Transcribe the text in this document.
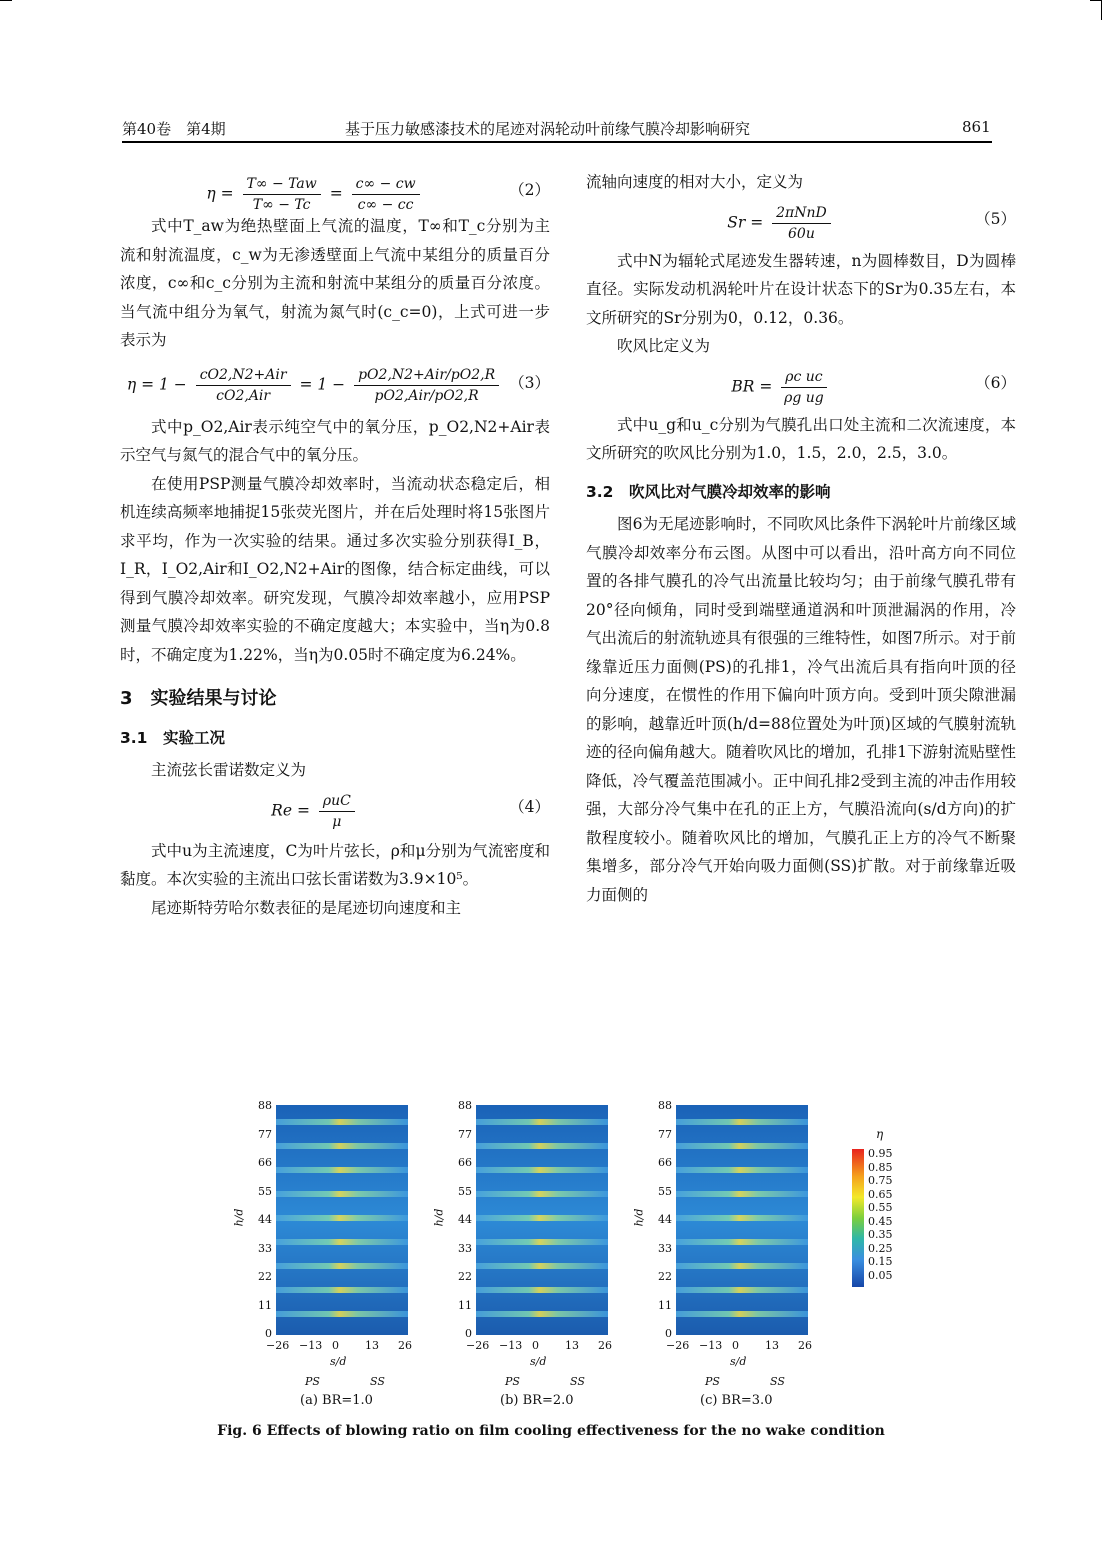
第40卷　第4期	基于压力敏感漆技术的尾迹对涡轮动叶前缘气膜冷却影响研究	861
$\eta = \frac{\text{T∞ − Taw}}{T\infty - Tc} = \frac{c\infty - cw}{c\infty - cc}$	（2）

式中T_aw为绝热壁面上气流的温度，T∞和T_c分别为主流和射流温度，c_w为无渗透壁面上气流中某组分的质量百分浓度，c∞和c_c分别为主流和射流中某组分的质量百分浓度。当气流中组分为氧气，射流为氮气时(c_c=0)，上式可进一步表示为

$\eta = 1 - \frac{\text{cO2,N2+Air}}{\text{cO2,Air}} = 1 - \frac{\text{pO2,N2+Air/pO2,R}}{\text{pO2,Air/pO2,R}} (3)$

式中p_O2,Air表示纯空气中的氧分压，p_O2,N2+Air表示空气与氮气的混合气中的氧分压。

在使用PSP测量气膜冷却效率时，当流动状态稳定后，相机连续高频率地捕捉15张荧光图片，并在后处理时将15张图片求平均，作为一次实验的结果。通过多次实验分别获得I_B，I_R，I_O2,Air和I_O2,N2+Air的图像，结合标定曲线，可以得到气膜冷却效率。研究发现，气膜冷却效率越小，应用PSP测量气膜冷却效率实验的不确定度越大；本实验中，当η为0.8时，不确定度为1.22%，当η为0.05时不确定度为6.24%。

3　实验结果与讨论
3.1　实验工况

主流弦长雷诺数定义为

$Re = \frac{\text{ρuC}}{\mu}$	（4）

式中u为主流速度，C为叶片弦长，ρ和μ分别为气流密度和黏度。本次实验的主流出口弦长雷诺数为3.9×10⁵。

尾迹斯特劳哈尔数表征的是尾迹切向速度和主

流轴向速度的相对大小，定义为

$Sr = \frac{\text{2πNnD}}{60u}$	（5）

式中N为辐轮式尾迹发生器转速，n为圆棒数目，D为圆棒直径。实际发动机涡轮叶片在设计状态下的Sr为0.35左右，本文所研究的Sr分别为0，0.12，0.36。

吹风比定义为

BR = $\frac{\text{ρc uc}}{\text{ρg ug}}$	（6）

式中u_g和u_c分别为气膜孔出口处主流和二次流速度，本文所研究的吹风比分别为1.0，1.5，2.0，2.5，3.0。

3.2　吹风比对气膜冷却效率的影响

图6为无尾迹影响时，不同吹风比条件下涡轮叶片前缘区域气膜冷却效率分布云图。从图中可以看出，沿叶高方向不同位置的各排气膜孔的冷气出流量比较均匀；由于前缘气膜孔带有20°径向倾角，同时受到端壁通道涡和叶顶泄漏涡的作用，冷气出流后的射流轨迹具有很强的三维特性，如图7所示。对于前缘靠近压力面侧(PS)的孔排1，冷气出流后具有指向叶顶的径向分速度，在惯性的作用下偏向叶顶方向。受到叶顶尖隙泄漏的影响，越靠近叶顶(h/d=88位置处为叶顶)区域的气膜射流轨迹的径向偏角越大。随着吹风比的增加，孔排1下游射流贴壁性降低，冷气覆盖范围减小。正中间孔排2受到主流的冲击作用较强，大部分冷气集中在孔的正上方，气膜沿流向(s/d方向)的扩散程度较小。随着吹风比的增加，气膜孔正上方的冷气不断聚集增多，部分冷气开始向吸力面侧(SS)扩散。对于前缘靠近吸力面侧的

88
77
66
55
44
33
22
11
0
−26 −13 0 13 26
h/d
s/d
PS	SS
(a) BR=1.0
88
77
66
55
44
33
22
11
0
−26 −13 0 13 26
h/d
s/d
PS	SS
(b) BR=2.0
88
77
66
55
44
33
22
11
0
−26 −13 0 13 26
h/d
s/d
PS	SS
(c) BR=3.0
η
0.95
0.85
0.75
0.65
0.55
0.45
0.35
0.25
0.15
0.05
Fig. 6 Effects of blowing ratio on film cooling effectiveness for the no wake condition
